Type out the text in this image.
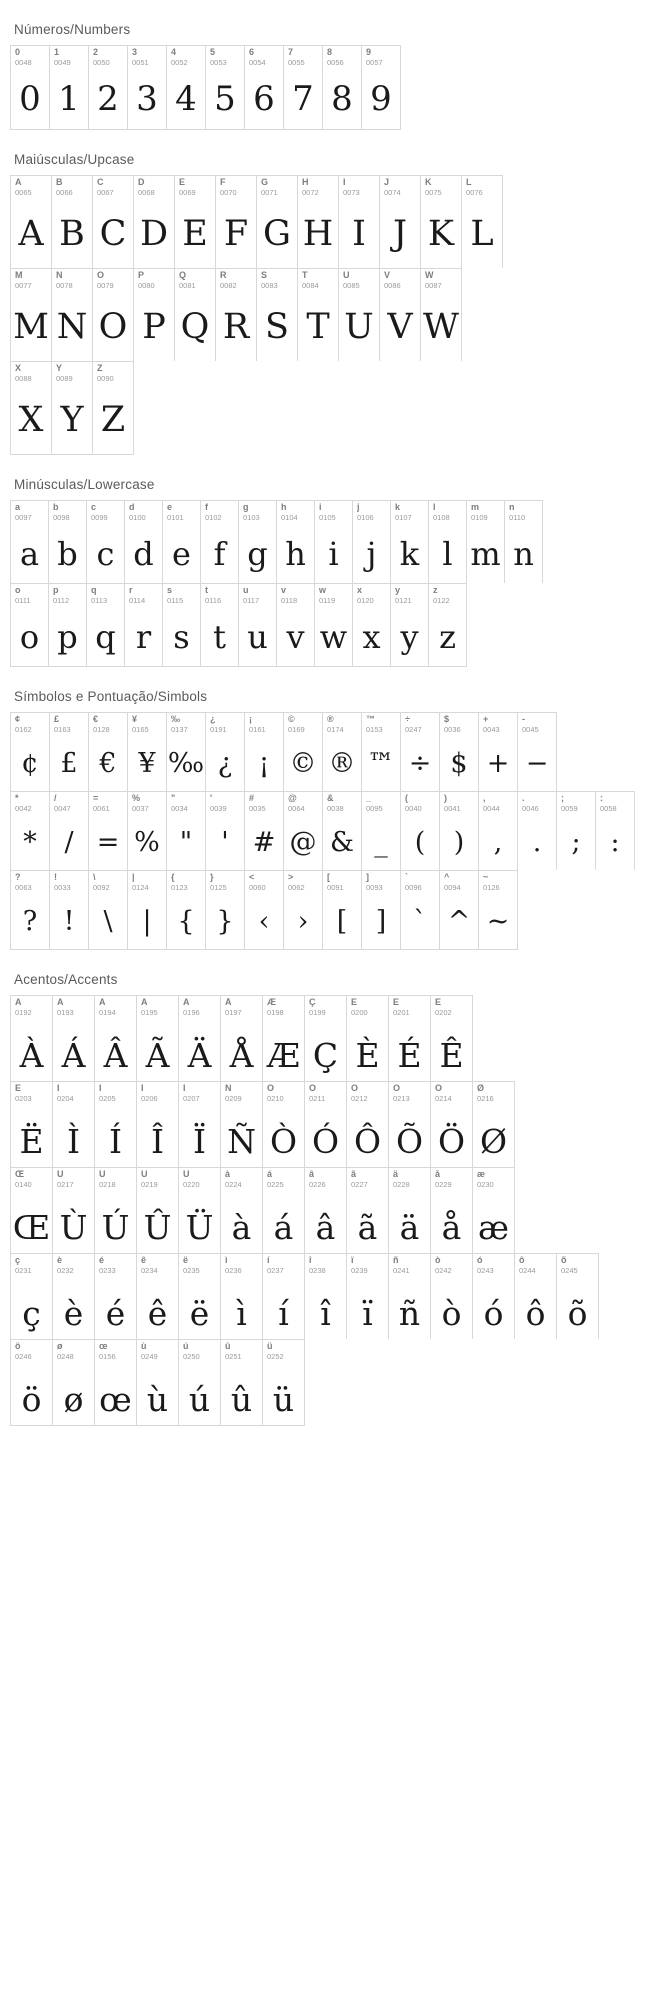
Números/Numbers
0
0048
0
1
0049
1
2
0050
2
3
0051
3
4
0052
4
5
0053
5
6
0054
6
7
0055
7
8
0056
8
9
0057
9
Maiúsculas/Upcase
A
0065
A
B
0066
B
C
0067
C
D
0068
D
E
0069
E
F
0070
F
G
0071
G
H
0072
H
I
0073
I
J
0074
J
K
0075
K
L
0076
L
M
0077
M
N
0078
N
O
0079
O
P
0080
P
Q
0081
Q
R
0082
R
S
0083
S
T
0084
T
U
0085
U
V
0086
V
W
0087
W
X
0088
X
Y
0089
Y
Z
0090
Z
Minúsculas/Lowercase
a
0097
a
b
0098
b
c
0099
c
d
0100
d
e
0101
e
f
0102
f
g
0103
g
h
0104
h
i
0105
i
j
0106
j
k
0107
k
l
0108
l
m
0109
m
n
0110
n
o
0111
o
p
0112
p
q
0113
q
r
0114
r
s
0115
s
t
0116
t
u
0117
u
v
0118
v
w
0119
w
x
0120
x
y
0121
y
z
0122
z
Símbolos e Pontuação/Simbols
¢
0162
¢
£
0163
£
€
0128
€
¥
0165
¥
‰
0137
‰
¿
0191
¿
¡
0161
¡
©
0169
©
®
0174
®
™
0153
™
÷
0247
÷
$
0036
$
+
0043
+
-
0045
−
*
0042
*
/
0047
/
=
0061
=
%
0037
%
"
0034
"
'
0039
'
#
0035
#
@
0064
@
&
0038
&
_
0095
_
(
0040
(
)
0041
)
,
0044
,
.
0046
.
;
0059
;
:
0058
:
?
0063
?
!
0033
!
\
0092
\
|
0124
|
{
0123
{
}
0125
}
<
0060
‹
>
0062
›
[
0091
[
]
0093
]
`
0096
`
^
0094
^
~
0126
~
Acentos/Accents
À
0192
À
Á
0193
Á
Â
0194
Â
Ã
0195
Ã
Ä
0196
Ä
Å
0197
Å
Æ
0198
Æ
Ç
0199
Ç
È
0200
È
É
0201
É
Ê
0202
Ê
Ë
0203
Ë
Ì
0204
Ì
Í
0205
Í
Î
0206
Î
Ï
0207
Ï
Ñ
0209
Ñ
Ò
0210
Ò
Ó
0211
Ó
Ô
0212
Ô
Õ
0213
Õ
Ö
0214
Ö
Ø
0216
Ø
Œ
0140
Œ
Ù
0217
Ù
Ú
0218
Ú
Û
0219
Û
Ü
0220
Ü
à
0224
à
á
0225
á
â
0226
â
ã
0227
ã
ä
0228
ä
å
0229
å
æ
0230
æ
ç
0231
ç
è
0232
è
é
0233
é
ê
0234
ê
ë
0235
ë
ì
0236
ì
í
0237
í
î
0238
î
ï
0239
ï
ñ
0241
ñ
ò
0242
ò
ó
0243
ó
ô
0244
ô
õ
0245
õ
ö
0246
ö
ø
0248
ø
œ
0156
œ
ù
0249
ù
ú
0250
ú
û
0251
û
ü
0252
ü
